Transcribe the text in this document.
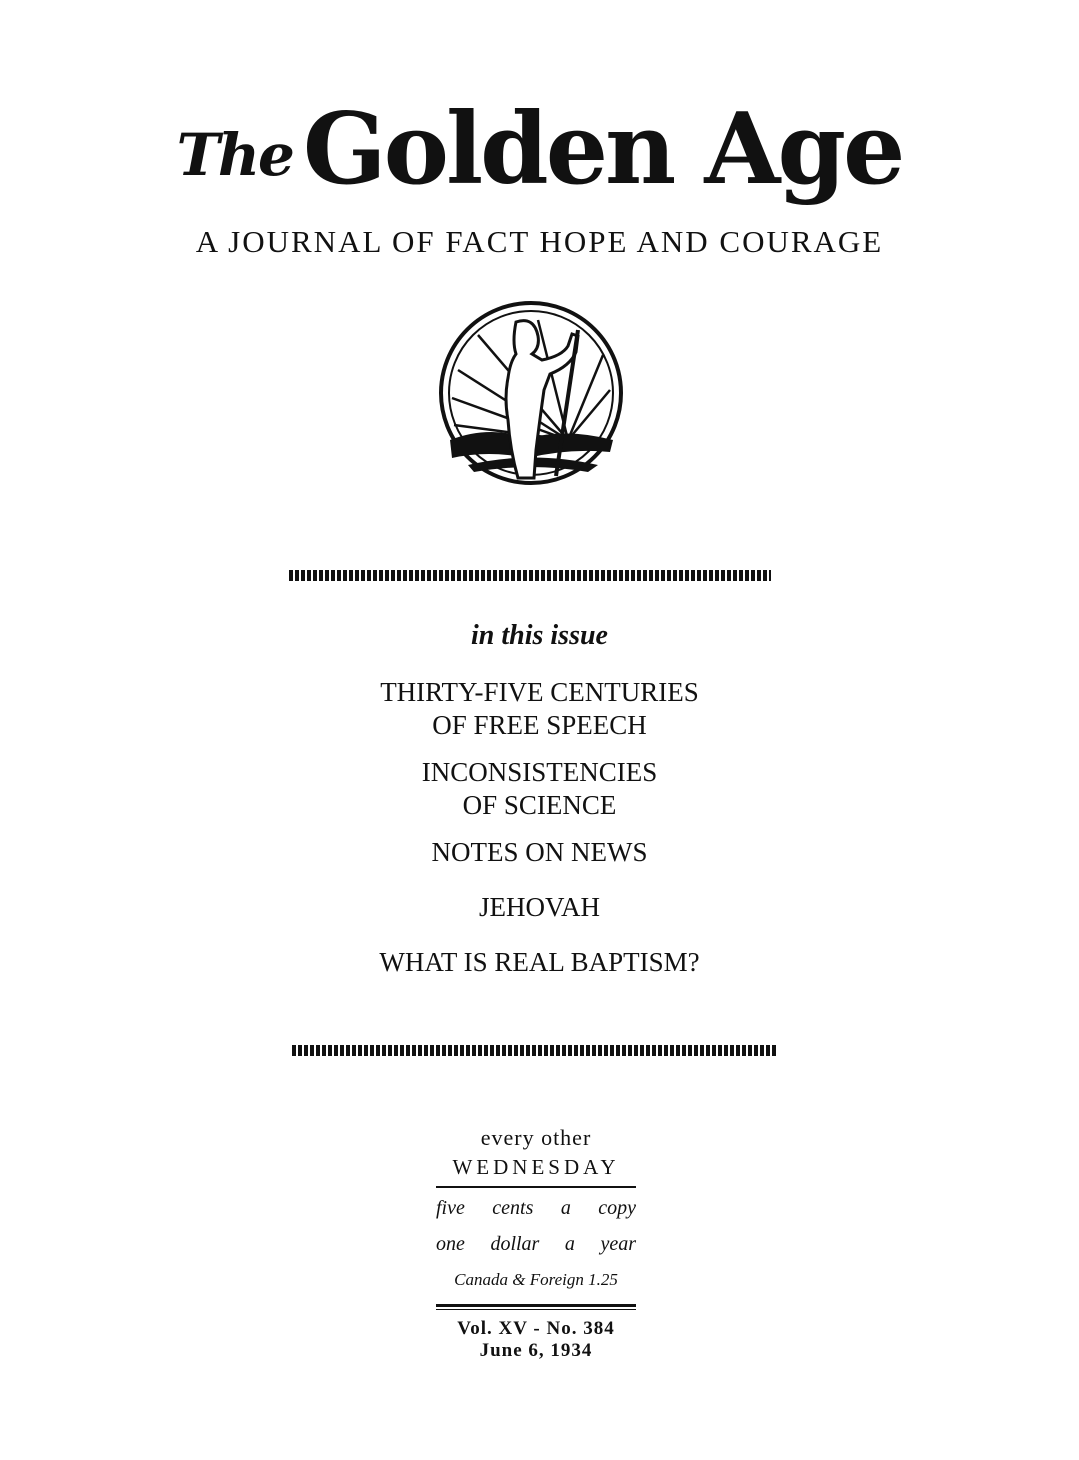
The Golden Age
A JOURNAL OF FACT HOPE AND COURAGE
in this issue
THIRTY-FIVE CENTURIES
OF FREE SPEECH
INCONSISTENCIES
OF SCIENCE
NOTES ON NEWS
JEHOVAH
WHAT IS REAL BAPTISM?
every other
WEDNESDAY
five cents a copy
one dollar a year
Canada & Foreign 1.25
Vol. XV - No. 384
June 6, 1934
